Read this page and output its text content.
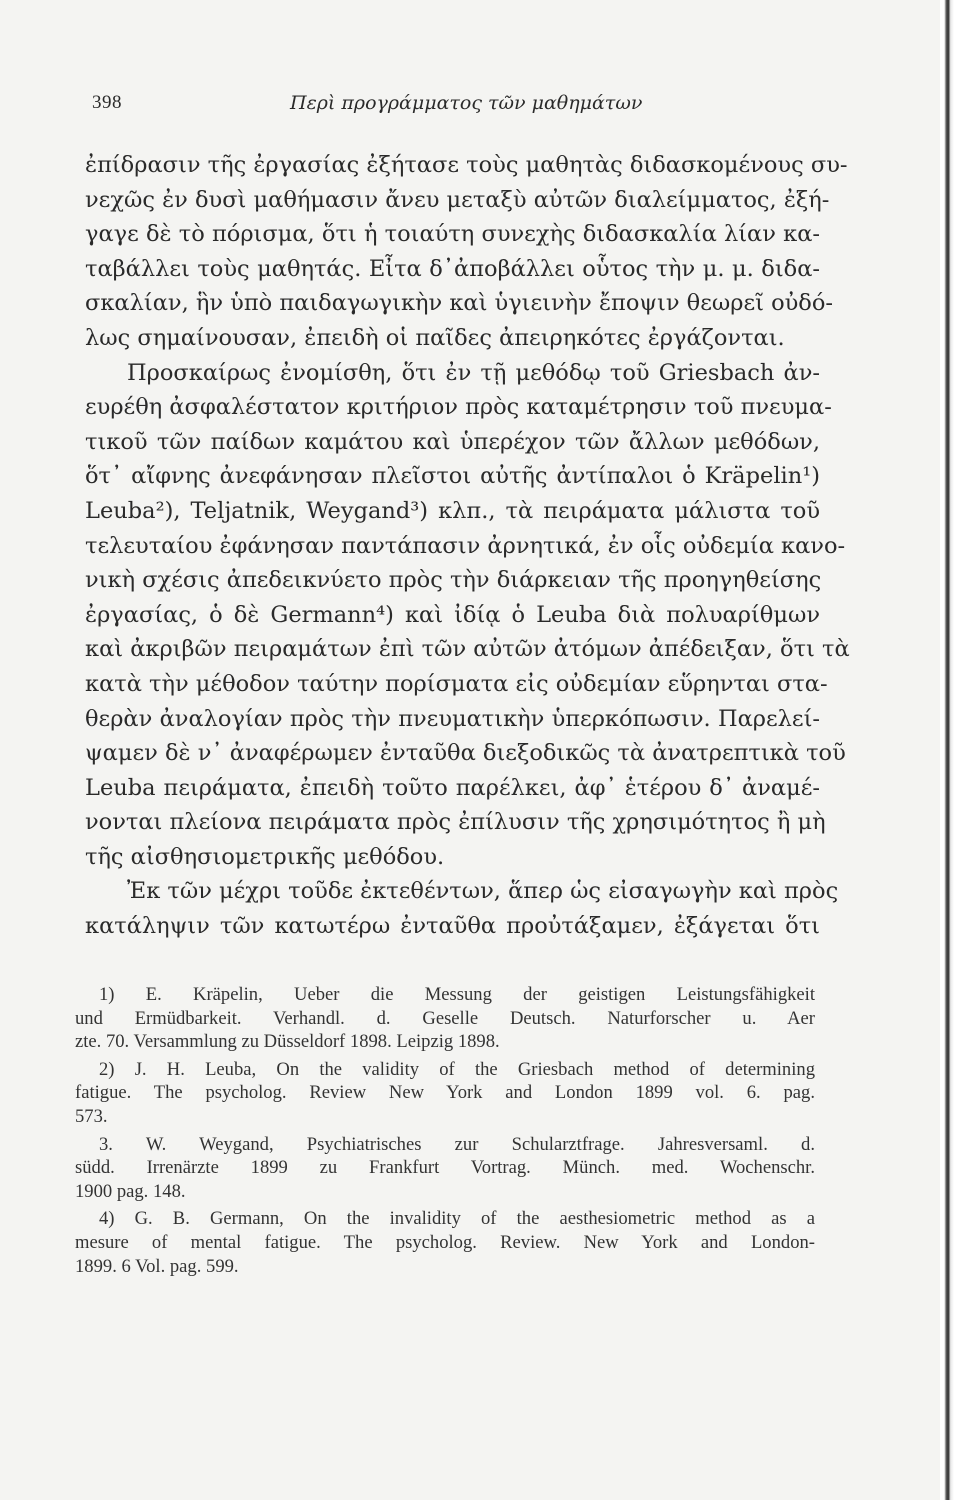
398	Περὶ προγράμματος τῶν μαθημάτων
ἐπίδρασιν τῆς ἐργασίας ἐξήτασε τοὺς μαθητὰς διδασκομένους συ-
νεχῶς ἐν δυσὶ μαθήμασιν ἄνευ μεταξὺ αὐτῶν διαλείμματος, ἐξή-
γαγε δὲ τὸ πόρισμα, ὅτι ἡ τοιαύτη συνεχὴς διδασκαλία λίαν κα-
ταβάλλει τοὺς μαθητάς. Εἶτα δ᾽ἀποβάλλει οὗτος τὴν μ. μ. διδα-
σκαλίαν, ἣν ὑπὸ παιδαγωγικὴν καὶ ὑγιεινὴν ἔποψιν θεωρεῖ οὐδό-
λως σημαίνουσαν, ἐπειδὴ οἱ παῖδες ἀπειρηκότες ἐργάζονται.
Προσκαίρως ἐνομίσθη, ὅτι ἐν τῇ μεθόδῳ τοῦ Griesbach ἀν-
ευρέθη ἀσφαλέστατον κριτήριον πρὸς καταμέτρησιν τοῦ πνευμα-
τικοῦ τῶν παίδων καμάτου καὶ ὑπερέχον τῶν ἄλλων μεθόδων,
ὅτ᾽ αἴφνης ἀνεφάνησαν πλεῖστοι αὐτῆς ἀντίπαλοι ὁ Kräpelin¹)
Leuba²), Teljatnik, Weygand³) κλπ., τὰ πειράματα μάλιστα τοῦ
τελευταίου ἐφάνησαν παντάπασιν ἀρνητικά, ἐν οἷς οὐδεμία κανο-
νικὴ σχέσις ἀπεδεικνύετο πρὸς τὴν διάρκειαν τῆς προηγηθείσης
ἐργασίας, ὁ δὲ Germann⁴) καὶ ἰδίᾳ ὁ Leuba διὰ πολυαρίθμων
καὶ ἀκριβῶν πειραμάτων ἐπὶ τῶν αὐτῶν ἀτόμων ἀπέδειξαν, ὅτι τὰ
κατὰ τὴν μέθοδον ταύτην πορίσματα εἰς οὐδεμίαν εὕρηνται στα-
θερὰν ἀναλογίαν πρὸς τὴν πνευματικὴν ὑπερκόπωσιν. Παρελεί-
ψαμεν δὲ ν᾽ ἀναφέρωμεν ἐνταῦθα διεξοδικῶς τὰ ἀνατρεπτικὰ τοῦ
Leuba πειράματα, ἐπειδὴ τοῦτο παρέλκει, ἀφ᾽ ἑτέρου δ᾽ ἀναμέ-
νονται πλείονα πειράματα πρὸς ἐπίλυσιν τῆς χρησιμότητος ἢ μὴ
τῆς αἰσθησιομετρικῆς μεθόδου.
Ἐκ τῶν μέχρι τοῦδε ἐκτεθέντων, ἅπερ ὡς εἰσαγωγὴν καὶ πρὸς
κατάληψιν τῶν κατωτέρω ἐνταῦθα προὐτάξαμεν, ἐξάγεται ὅτι
1) E. Kräpelin, Ueber die Messung der geistigen Leistungsfähigkeit
und Ermüdbarkeit. Verhandl. d. Geselle Deutsch. Naturforscher u. Aer
zte. 70. Versammlung zu Düsseldorf 1898. Leipzig 1898.
2) J. H. Leuba, On the validity of the Griesbach method of determining
fatigue. The psycholog. Review New York and London 1899 vol. 6. pag.
573.
3. W. Weygand, Psychiatrisches zur Schularztfrage. Jahresversaml. d.
südd. Irrenärzte 1899 zu Frankfurt Vortrag. Münch. med. Wochenschr.
1900 pag. 148.
4) G. B. Germann, On the invalidity of the aesthesiometric method as a
mesure of mental fatigue. The psycholog. Review. New York and London-
1899. 6 Vol. pag. 599.
